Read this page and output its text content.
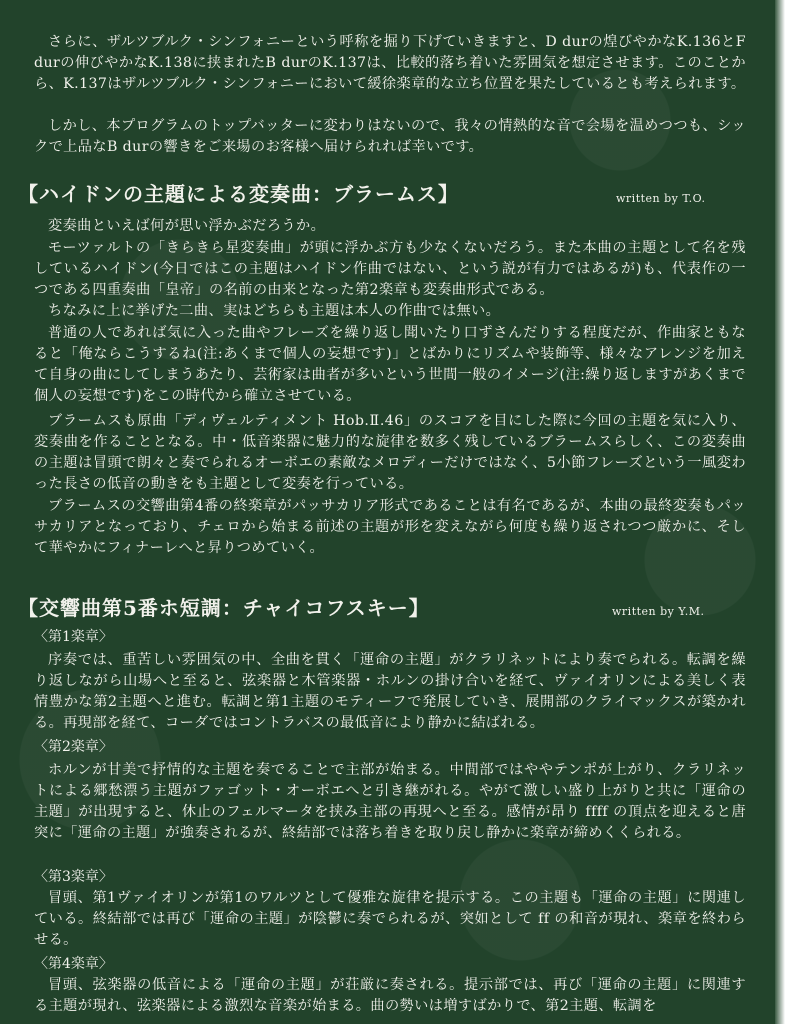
さらに、ザルツブルク・シンフォニーという呼称を掘り下げていきますと、D durの煌びやかなK.136とF durの伸びやかなK.138に挟まれたB durのK.137は、比較的落ち着いた雰囲気を想定させます。このことから、K.137はザルツブルク・シンフォニーにおいて緩徐楽章的な立ち位置を果たしているとも考えられます。

しかし、本プログラムのトップバッターに変わりはないので、我々の情熱的な音で会場を温めつつも、シックで上品なB durの響きをご来場のお客様へ届けられれば幸いです。

【ハイドンの主題による変奏曲：ブラームス】	written by T.O.

変奏曲といえば何が思い浮かぶだろうか。

モーツァルトの「きらきら星変奏曲」が頭に浮かぶ方も少なくないだろう。また本曲の主題として名を残しているハイドン(今日ではこの主題はハイドン作曲ではない、という説が有力ではあるが)も、代表作の一つである四重奏曲「皇帝」の名前の由来となった第2楽章も変奏曲形式である。

ちなみに上に挙げた二曲、実はどちらも主題は本人の作曲では無い。

普通の人であれば気に入った曲やフレーズを繰り返し聞いたり口ずさんだりする程度だが、作曲家ともなると「俺ならこうするね(注:あくまで個人の妄想です)」とばかりにリズムや装飾等、様々なアレンジを加えて自身の曲にしてしまうあたり、芸術家は曲者が多いという世間一般のイメージ(注:繰り返しますがあくまで個人の妄想です)をこの時代から確立させている。

ブラームスも原曲「ディヴェルティメント Hob.Ⅱ.46」のスコアを目にした際に今回の主題を気に入り、変奏曲を作ることとなる。中・低音楽器に魅力的な旋律を数多く残しているブラームスらしく、この変奏曲の主題は冒頭で朗々と奏でられるオーボエの素敵なメロディーだけではなく、5小節フレーズという一風変わった長さの低音の動きをも主題として変奏を行っている。

ブラームスの交響曲第4番の終楽章がパッサカリア形式であることは有名であるが、本曲の最終変奏もパッサカリアとなっており、チェロから始まる前述の主題が形を変えながら何度も繰り返されつつ厳かに、そして華やかにフィナーレへと昇りつめていく。

【交響曲第5番ホ短調：チャイコフスキー】	written by Y.M.
〈第1楽章〉

序奏では、重苦しい雰囲気の中、全曲を貫く「運命の主題」がクラリネットにより奏でられる。転調を繰り返しながら山場へと至ると、弦楽器と木管楽器・ホルンの掛け合いを経て、ヴァイオリンによる美しく表情豊かな第2主題へと進む。転調と第1主題のモティーフで発展していき、展開部のクライマックスが築かれる。再現部を経て、コーダではコントラバスの最低音により静かに結ばれる。

〈第2楽章〉

ホルンが甘美で抒情的な主題を奏でることで主部が始まる。中間部ではややテンポが上がり、クラリネットによる郷愁漂う主題がファゴット・オーボエへと引き継がれる。やがて激しい盛り上がりと共に「運命の主題」が出現すると、休止のフェルマータを挟み主部の再現へと至る。感情が昂り ffff の頂点を迎えると唐突に「運命の主題」が強奏されるが、終結部では落ち着きを取り戻し静かに楽章が締めくくられる。

〈第3楽章〉

冒頭、第1ヴァイオリンが第1のワルツとして優雅な旋律を提示する。この主題も「運命の主題」に関連している。終結部では再び「運命の主題」が陰鬱に奏でられるが、突如として ff の和音が現れ、楽章を終わらせる。

〈第4楽章〉

冒頭、弦楽器の低音による「運命の主題」が荘厳に奏される。提示部では、再び「運命の主題」に関連する主題が現れ、弦楽器による激烈な音楽が始まる。曲の勢いは増すばかりで、第2主題、転調を
